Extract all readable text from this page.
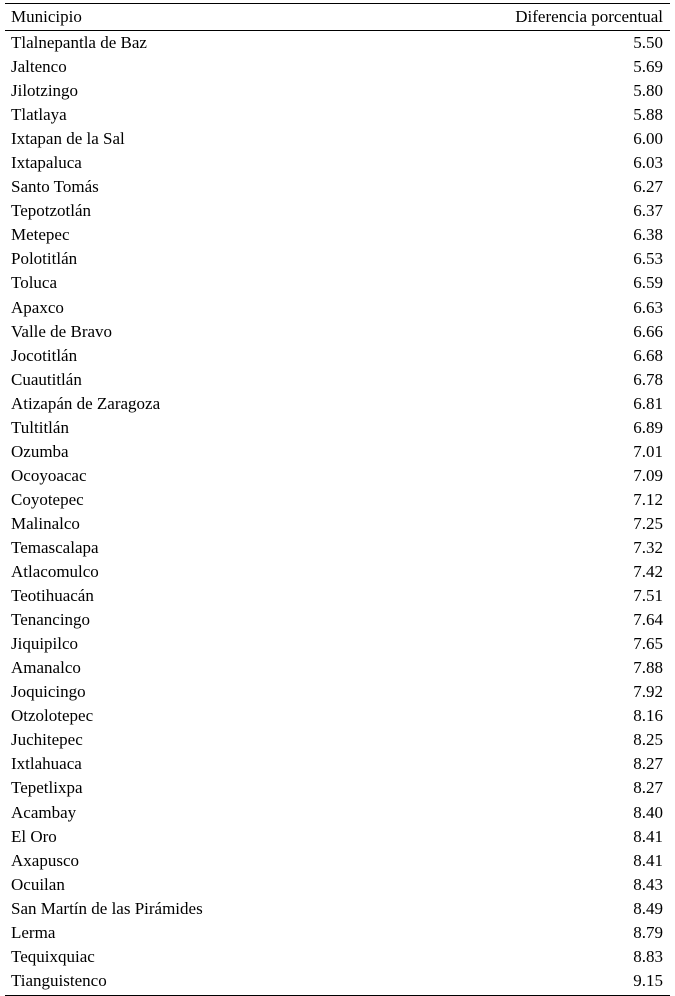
Municipio	Diferencia porcentual
Tlalnepantla de Baz	5.50
Jaltenco	5.69
Jilotzingo	5.80
Tlatlaya	5.88
Ixtapan de la Sal	6.00
Ixtapaluca	6.03
Santo Tomás	6.27
Tepotzotlán	6.37
Metepec	6.38
Polotitlán	6.53
Toluca	6.59
Apaxco	6.63
Valle de Bravo	6.66
Jocotitlán	6.68
Cuautitlán	6.78
Atizapán de Zaragoza	6.81
Tultitlán	6.89
Ozumba	7.01
Ocoyoacac	7.09
Coyotepec	7.12
Malinalco	7.25
Temascalapa	7.32
Atlacomulco	7.42
Teotihuacán	7.51
Tenancingo	7.64
Jiquipilco	7.65
Amanalco	7.88
Joquicingo	7.92
Otzolotepec	8.16
Juchitepec	8.25
Ixtlahuaca	8.27
Tepetlixpa	8.27
Acambay	8.40
El Oro	8.41
Axapusco	8.41
Ocuilan	8.43
San Martín de las Pirámides	8.49
Lerma	8.79
Tequixquiac	8.83
Tianguistenco	9.15
